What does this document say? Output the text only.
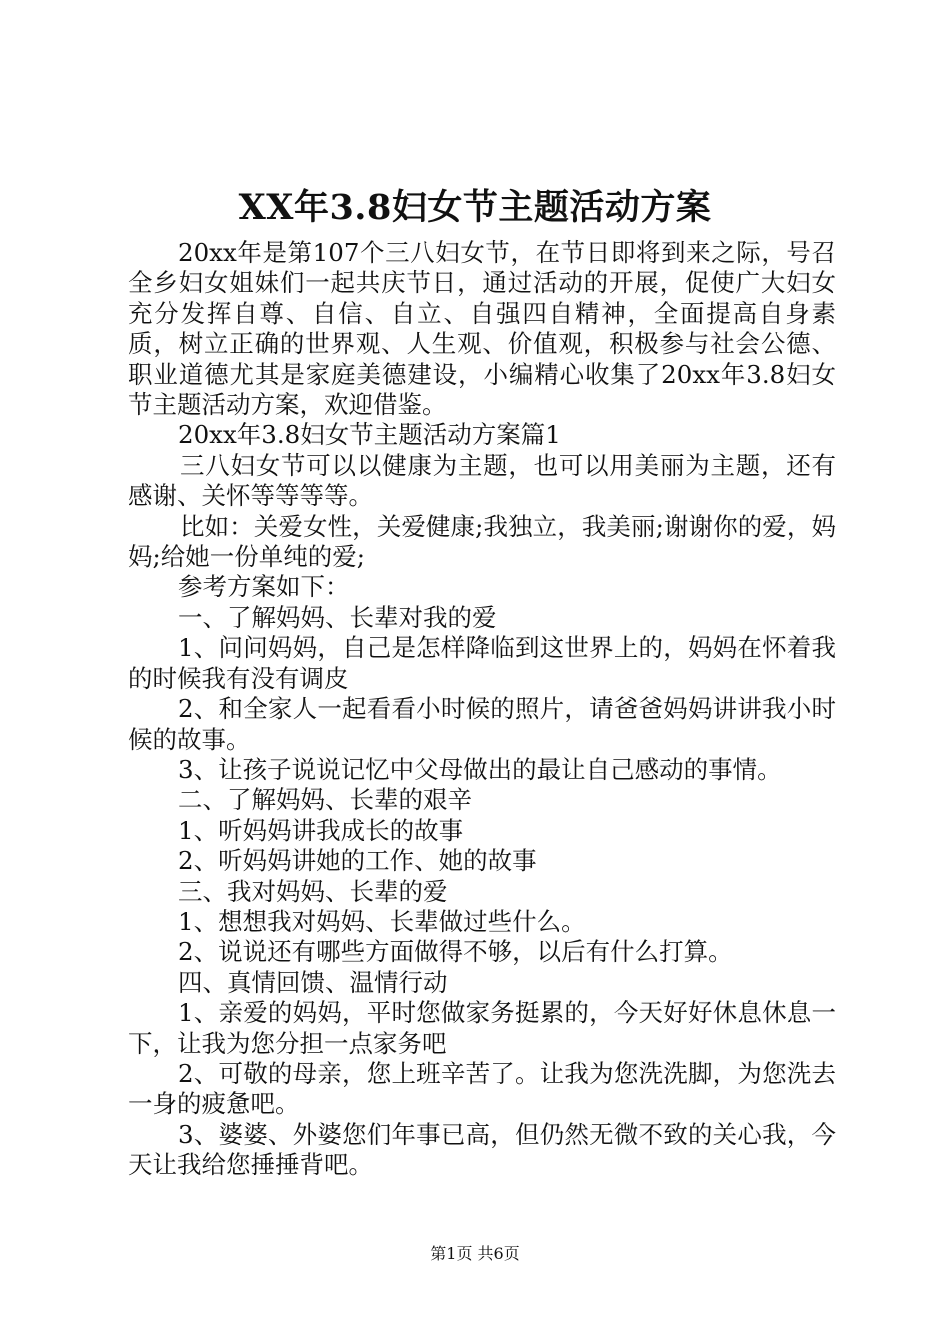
XX年3.8妇女节主题活动方案

20xx年是第107个三八妇女节，在节日即将到来之际，号召全乡妇女姐妹们一起共庆节日，通过活动的开展，促使广大妇女充分发挥自尊、自信、自立、自强四自精神，全面提高自身素质，树立正确的世界观、人生观、价值观，积极参与社会公德、职业道德尤其是家庭美德建设，小编精心收集了20xx年3.8妇女节主题活动方案，欢迎借鉴。

20xx年3.8妇女节主题活动方案篇1

三八妇女节可以以健康为主题，也可以用美丽为主题，还有感谢、关怀等等等等。

比如：关爱女性，关爱健康;我独立，我美丽;谢谢你的爱，妈妈;给她一份单纯的爱;

参考方案如下：

一、了解妈妈、长辈对我的爱

1、问问妈妈，自己是怎样降临到这世界上的，妈妈在怀着我的时候我有没有调皮

2、和全家人一起看看小时候的照片，请爸爸妈妈讲讲我小时候的故事。

3、让孩子说说记忆中父母做出的最让自己感动的事情。

二、了解妈妈、长辈的艰辛

1、听妈妈讲我成长的故事

2、听妈妈讲她的工作、她的故事

三、我对妈妈、长辈的爱

1、想想我对妈妈、长辈做过些什么。

2、说说还有哪些方面做得不够，以后有什么打算。

四、真情回馈、温情行动

1、亲爱的妈妈，平时您做家务挺累的，今天好好休息休息一下，让我为您分担一点家务吧

2、可敬的母亲，您上班辛苦了。让我为您洗洗脚，为您洗去一身的疲惫吧。

3、婆婆、外婆您们年事已高，但仍然无微不致的关心我，今天让我给您捶捶背吧。

第1页 共6页
